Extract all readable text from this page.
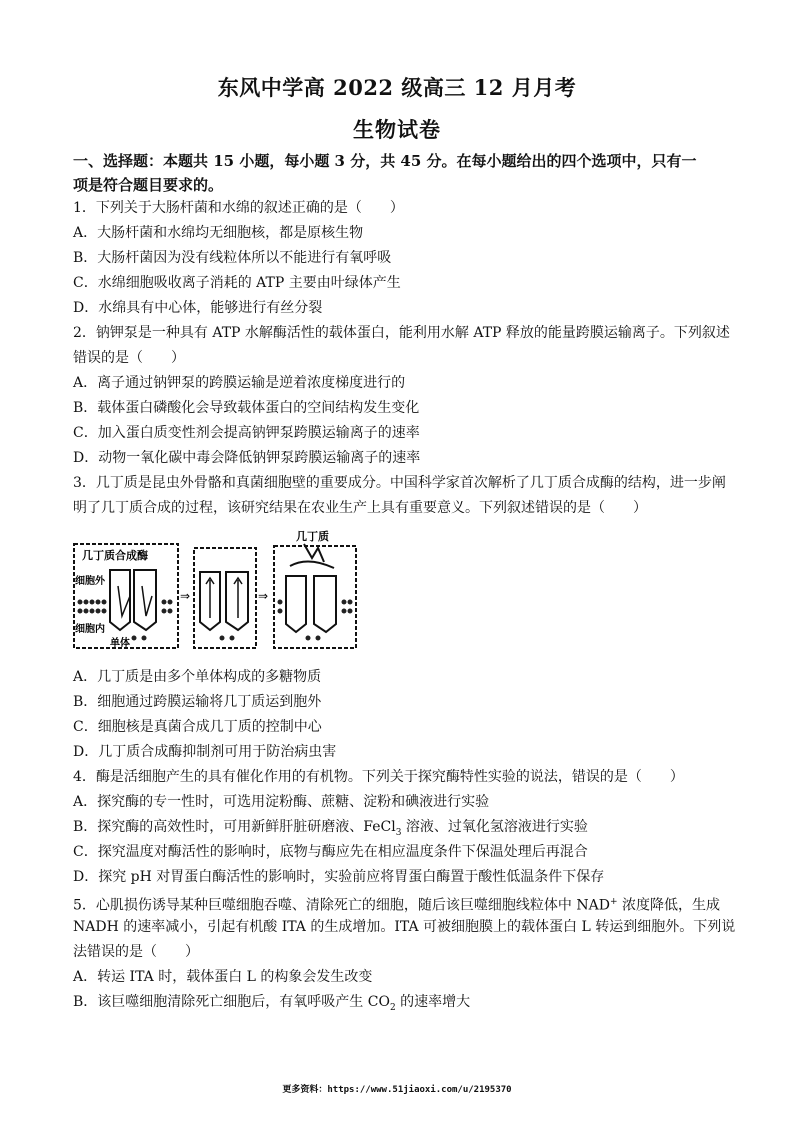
东风中学高 2022 级高三 12 月月考
生物试卷
一、选择题：本题共 15 小题，每小题 3 分，共 45 分。在每小题给出的四个选项中，只有一
项是符合题目要求的。
1．下列关于大肠杆菌和水绵的叙述正确的是（　　）
A．大肠杆菌和水绵均无细胞核，都是原核生物
B．大肠杆菌因为没有线粒体所以不能进行有氧呼吸
C．水绵细胞吸收离子消耗的 ATP 主要由叶绿体产生
D．水绵具有中心体，能够进行有丝分裂
2．钠钾泵是一种具有 ATP 水解酶活性的载体蛋白，能利用水解 ATP 释放的能量跨膜运输离子。下列叙述
错误的是（　　）
A．离子通过钠钾泵的跨膜运输是逆着浓度梯度进行的
B．载体蛋白磷酸化会导致载体蛋白的空间结构发生变化
C．加入蛋白质变性剂会提高钠钾泵跨膜运输离子的速率
D．动物一氧化碳中毒会降低钠钾泵跨膜运输离子的速率
3．几丁质是昆虫外骨骼和真菌细胞壁的重要成分。中国科学家首次解析了几丁质合成酶的结构，进一步阐
明了几丁质合成的过程，该研究结果在农业生产上具有重要意义。下列叙述错误的是（　　）
几丁质合成酶
细胞外
细胞内
单体
⇒	⇒
几丁质
A．几丁质是由多个单体构成的多糖物质
B．细胞通过跨膜运输将几丁质运到胞外
C．细胞核是真菌合成几丁质的控制中心
D．几丁质合成酶抑制剂可用于防治病虫害
4．酶是活细胞产生的具有催化作用的有机物。下列关于探究酶特性实验的说法，错误的是（　　）
A．探究酶的专一性时，可选用淀粉酶、蔗糖、淀粉和碘液进行实验
B．探究酶的高效性时，可用新鲜肝脏研磨液、FeCl$_3$ 溶液、过氧化氢溶液进行实验
C．探究温度对酶活性的影响时，底物与酶应先在相应温度条件下保温处理后再混合
D．探究 pH 对胃蛋白酶活性的影响时，实验前应将胃蛋白酶置于酸性低温条件下保存
5．心肌损伤诱导某种巨噬细胞吞噬、清除死亡的细胞，随后该巨噬细胞线粒体中 NAD+ 浓度降低，生成
NADH 的速率减小，引起有机酸 ITA 的生成增加。ITA 可被细胞膜上的载体蛋白 L 转运到细胞外。下列说
法错误的是（　　）
A．转运 ITA 时，载体蛋白 L 的构象会发生改变
B．该巨噬细胞清除死亡细胞后，有氧呼吸产生 $CO_2$ 的速率增大
更多资料：https://www.51jiaoxi.com/u/2195370
